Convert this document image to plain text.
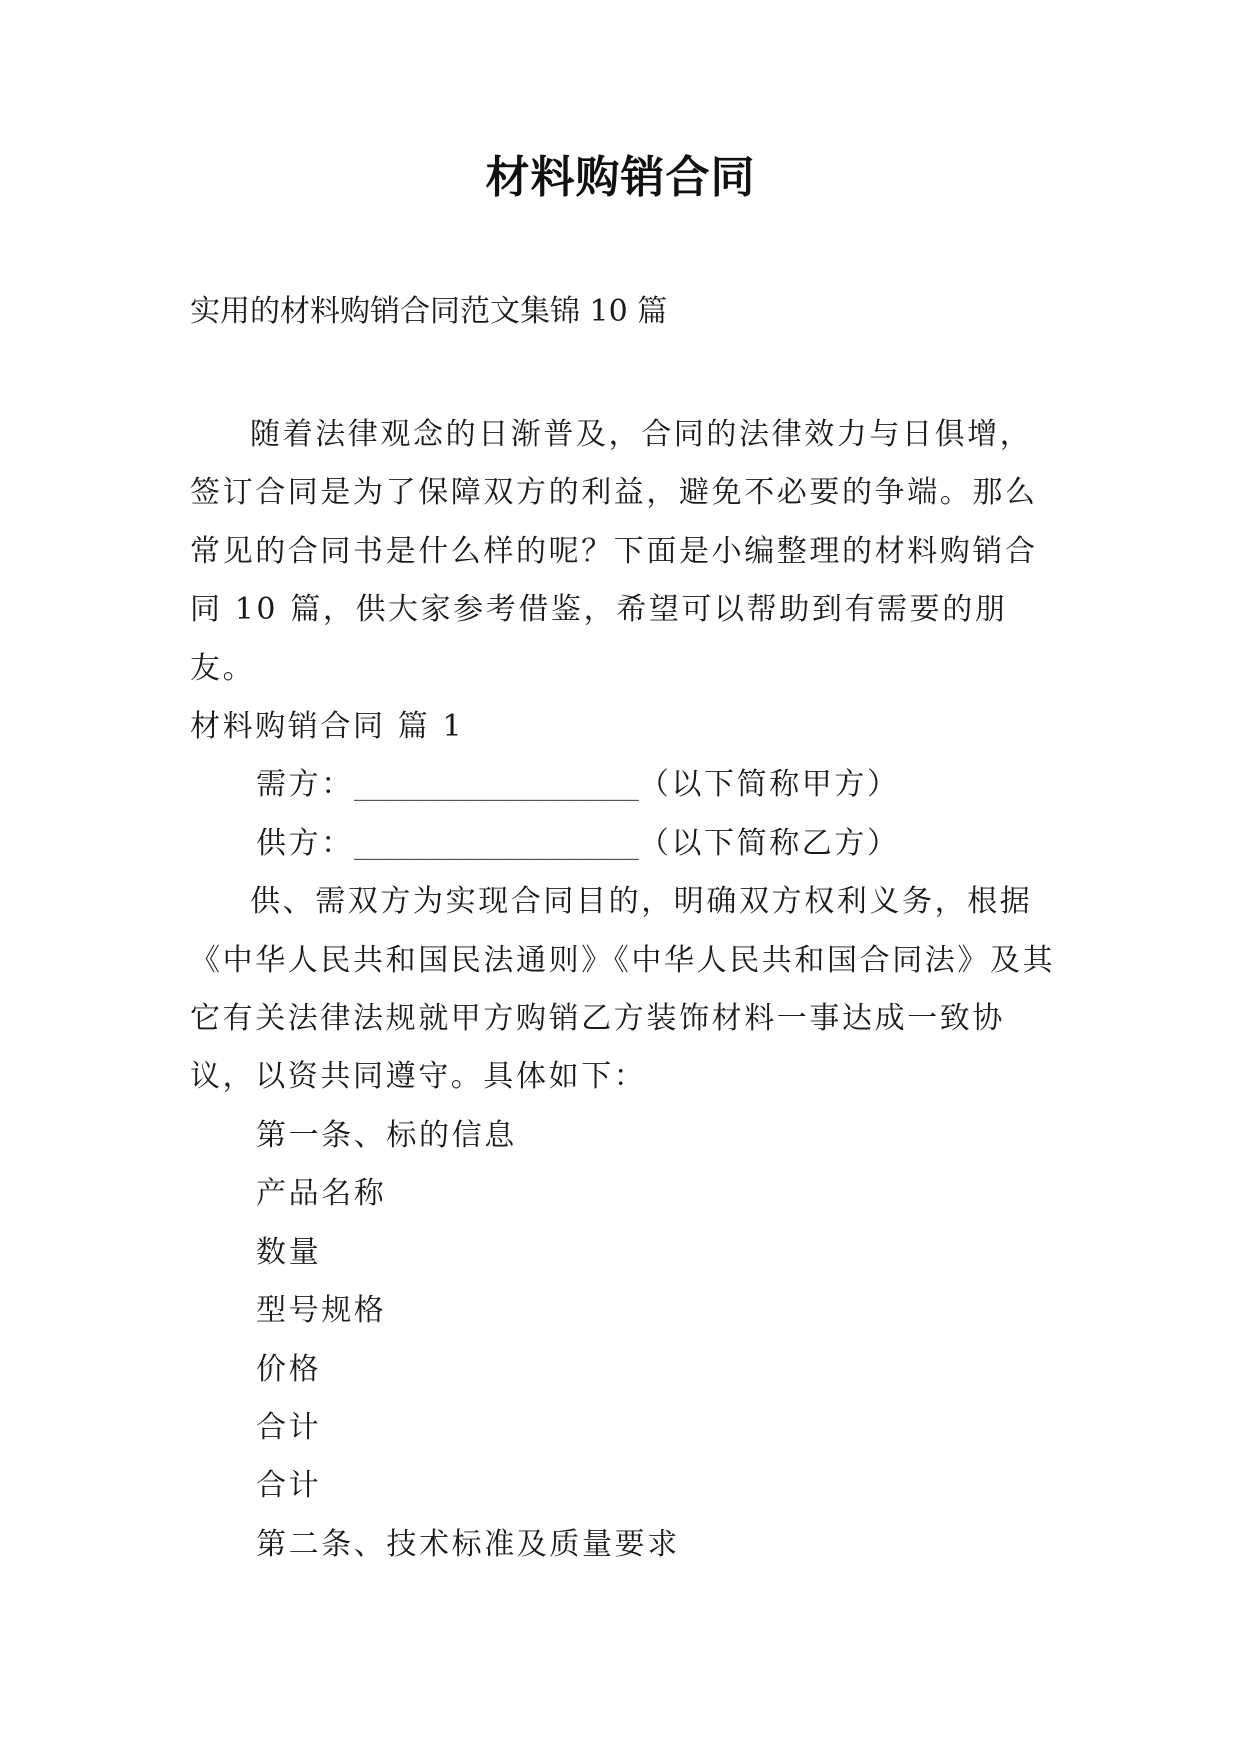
材料购销合同
实用的材料购销合同范文集锦 10 篇

随着法律观念的日渐普及，合同的法律效力与日俱增，签订合同是为了保障双方的利益，避免不必要的争端。那么常见的合同书是什么样的呢？下面是小编整理的材料购销合同 10 篇，供大家参考借鉴，希望可以帮助到有需要的朋友。

材料购销合同 篇 1

需方：___________________（以下简称甲方）

供方：___________________（以下简称乙方）

供、需双方为实现合同目的，明确双方权利义务，根据《中华人民共和国民法通则》《中华人民共和国合同法》及其它有关法律法规就甲方购销乙方装饰材料一事达成一致协议，以资共同遵守。具体如下：

第一条、标的信息

产品名称

数量

型号规格

价格

合计

合计

第二条、技术标准及质量要求
